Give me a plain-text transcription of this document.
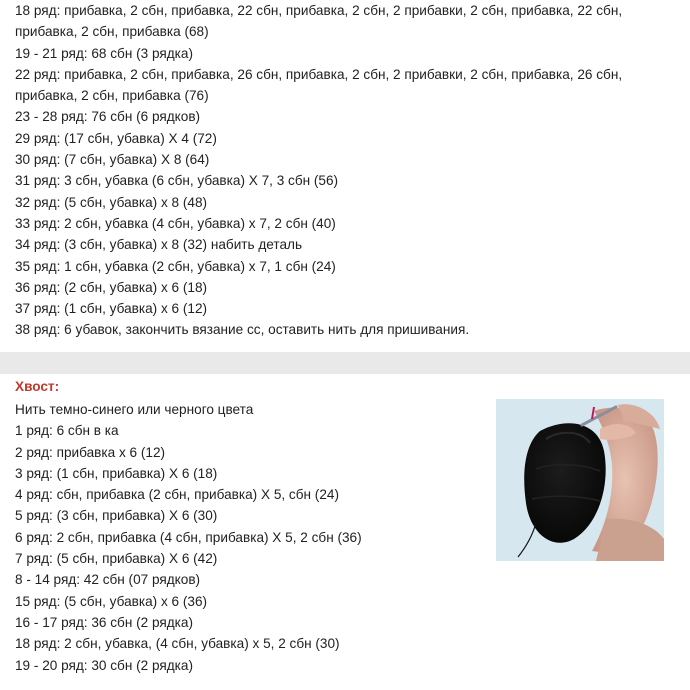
18 ряд: прибавка, 2 сбн, прибавка, 22 сбн, прибавка, 2 сбн, 2 прибавки, 2 сбн, прибавка, 22 сбн, прибавка, 2 сбн, прибавка (68)
19 - 21 ряд: 68 сбн (3 рядка)
22 ряд: прибавка, 2 сбн, прибавка, 26 сбн, прибавка, 2 сбн, 2 прибавки, 2 сбн, прибавка, 26 сбн, прибавка, 2 сбн, прибавка (76)
23 - 28 ряд: 76 сбн (6 рядков)
29 ряд: (17 сбн, убавка) Х 4 (72)
30 ряд: (7 сбн, убавка) Х 8 (64)
31 ряд: 3 сбн, убавка (6 сбн, убавка) Х 7, 3 сбн (56)
32 ряд: (5 сбн, убавка) х 8 (48)
33 ряд: 2 сбн, убавка (4 сбн, убавка) х 7, 2 сбн (40)
34 ряд: (3 сбн, убавка) х 8 (32) набить деталь
35 ряд: 1 сбн, убавка (2 сбн, убавка) х 7, 1 сбн (24)
36 ряд: (2 сбн, убавка) х 6 (18)
37 ряд: (1 сбн, убавка) х 6 (12)
38 ряд: 6 убавок, закончить вязание сс, оставить нить для пришивания.
Хвост:
Нить темно-синего или черного цвета
1 ряд: 6 сбн в ка
2 ряд: прибавка х 6 (12)
3 ряд: (1 сбн, прибавка) Х 6 (18)
4 ряд: сбн, прибавка (2 сбн, прибавка) Х 5, сбн (24)
5 ряд: (3 сбн, прибавка) Х 6 (30)
6 ряд: 2 сбн, прибавка (4 сбн, прибавка) Х 5, 2 сбн (36)
7 ряд: (5 сбн, прибавка) Х 6 (42)
8 - 14 ряд: 42 сбн (07 рядков)
15 ряд: (5 сбн, убавка) х 6 (36)
16 - 17 ряд: 36 сбн (2 рядка)
18 ряд: 2 сбн, убавка, (4 сбн, убавка) х 5, 2 сбн (30)
19 - 20 ряд: 30 сбн (2 рядка)
